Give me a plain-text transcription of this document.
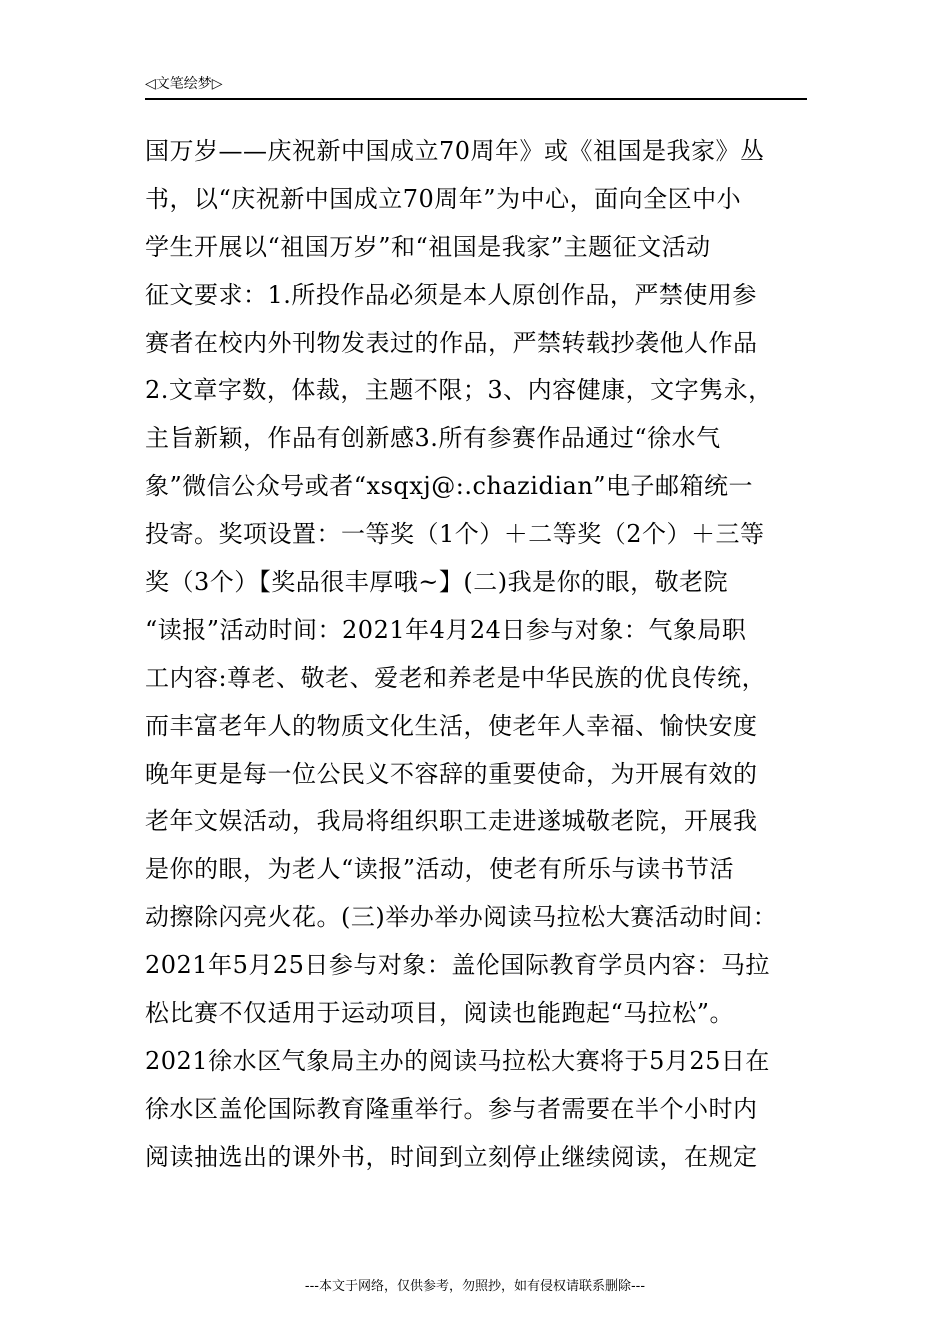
◁文笔绘梦▷
国万岁——庆祝新中国成立70周年》或《祖国是我家》丛
书，以“庆祝新中国成立70周年”为中心，面向全区中小
学生开展以“祖国万岁”和“祖国是我家”主题征文活动
征文要求：1.所投作品必须是本人原创作品，严禁使用参
赛者在校内外刊物发表过的作品，严禁转载抄袭他人作品
2.文章字数，体裁，主题不限；3、内容健康，文字隽永，
主旨新颖，作品有创新感3.所有参赛作品通过“徐水气
象”微信公众号或者“xsqxj@:.chazidian”电子邮箱统一
投寄。奖项设置：一等奖（1个）＋二等奖（2个）＋三等
奖（3个）【奖品很丰厚哦~】(二)我是你的眼，敬老院
“读报”活动时间：2021年4月24日参与对象：气象局职
工内容:尊老、敬老、爱老和养老是中华民族的优良传统，
而丰富老年人的物质文化生活，使老年人幸福、愉快安度
晚年更是每一位公民义不容辞的重要使命，为开展有效的
老年文娱活动，我局将组织职工走进遂城敬老院，开展我
是你的眼，为老人“读报”活动，使老有所乐与读书节活
动擦除闪亮火花。(三)举办举办阅读马拉松大赛活动时间：
2021年5月25日参与对象：盖伦国际教育学员内容：马拉
松比赛不仅适用于运动项目，阅读也能跑起“马拉松”。
2021徐水区气象局主办的阅读马拉松大赛将于5月25日在
徐水区盖伦国际教育隆重举行。参与者需要在半个小时内
阅读抽选出的课外书，时间到立刻停止继续阅读，在规定
---本文于网络，仅供参考，勿照抄，如有侵权请联系删除---
